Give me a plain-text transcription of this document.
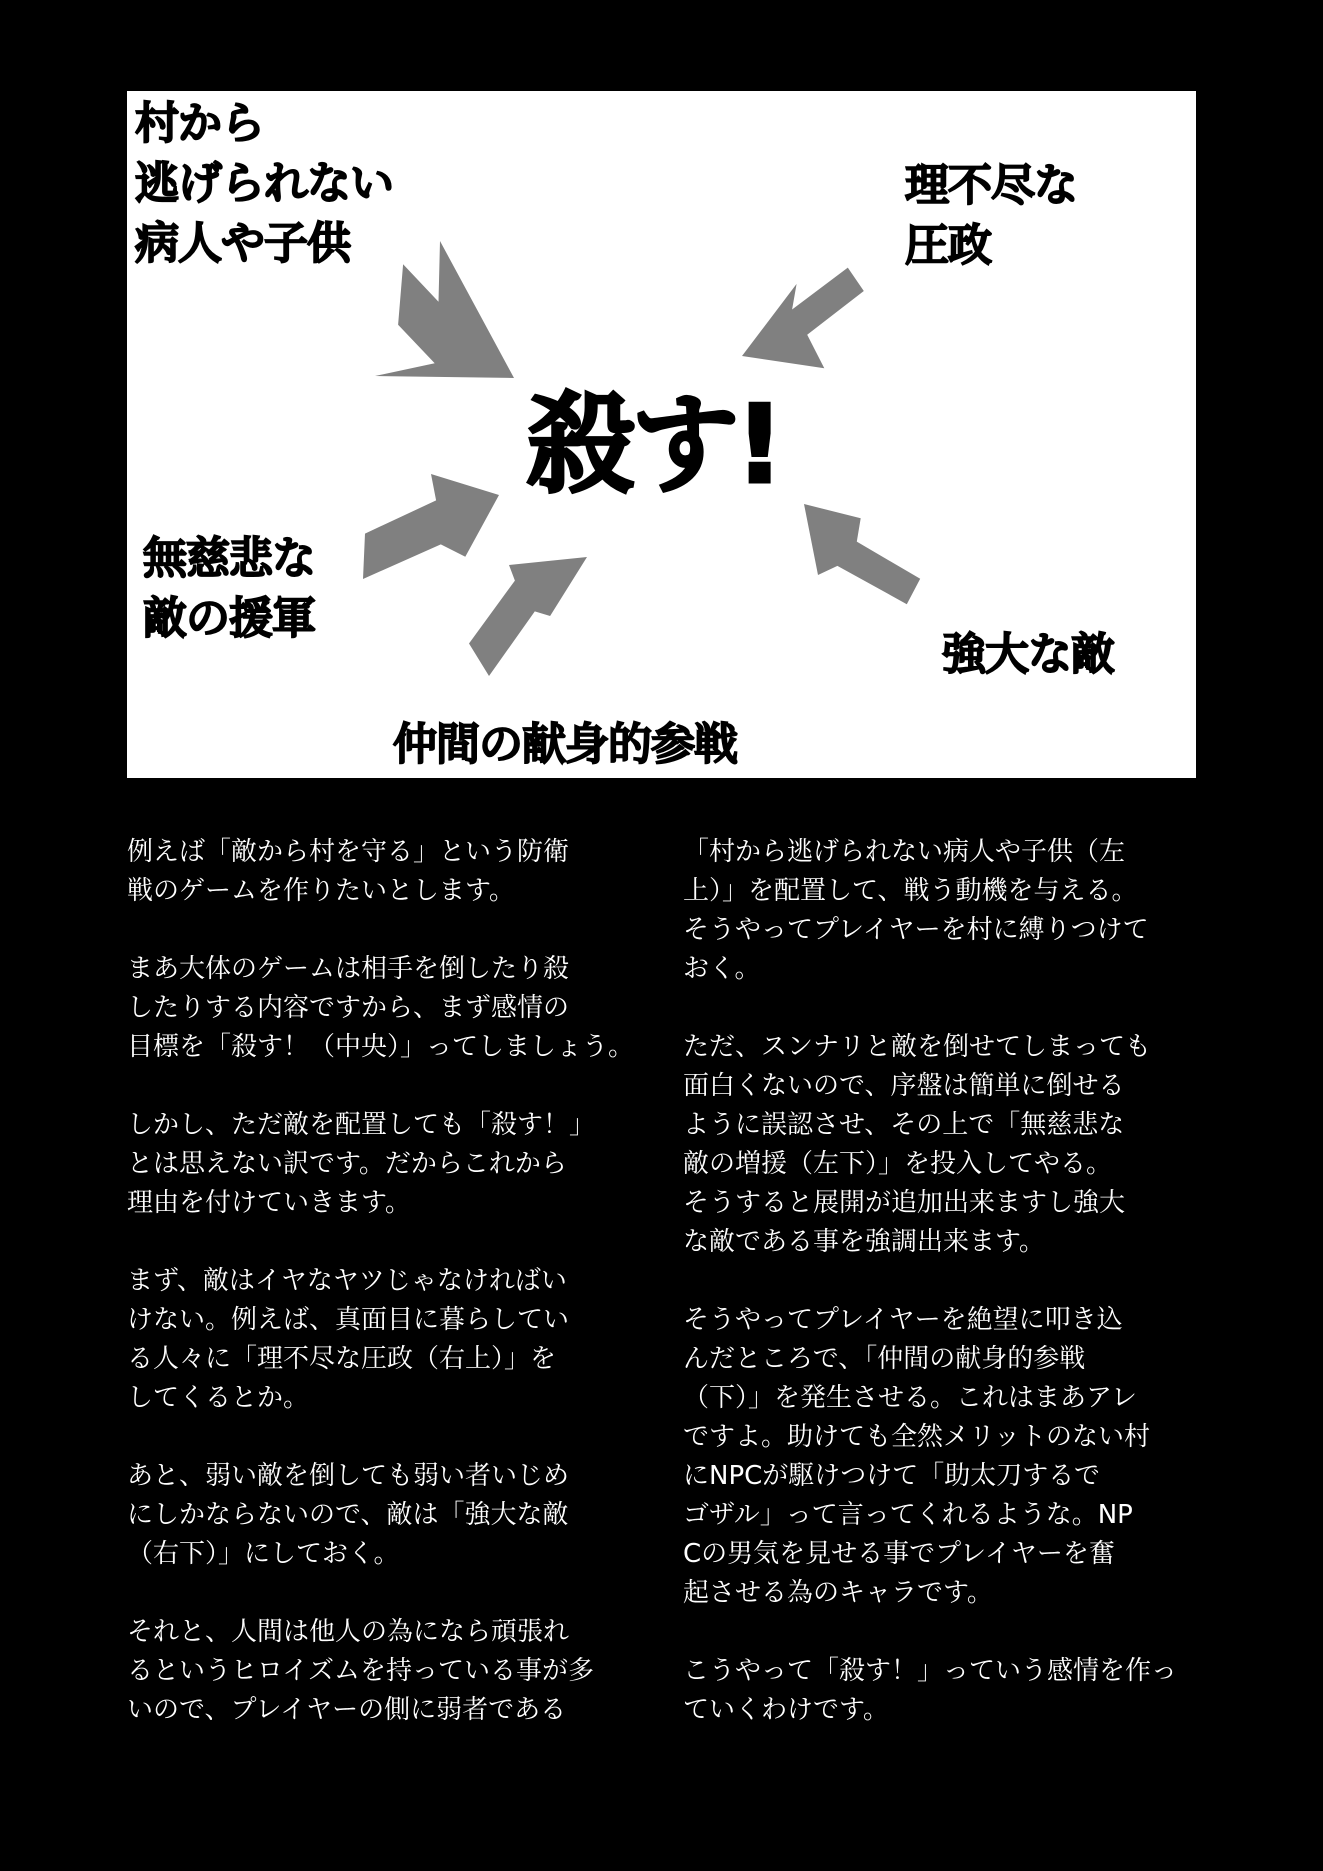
村から
逃げられない
病人や子供
理不尽な
圧政
無慈悲な
敵の援軍
強大な敵
仲間の献身的参戦
殺す!

例えば「敵から村を守る」という防衛
戦のゲームを作りたいとします。

まあ大体のゲームは相手を倒したり殺
したりする内容ですから、まず感情の
目標を「殺す！（中央）」ってしましょう。

しかし、ただ敵を配置しても「殺す！」
とは思えない訳です。だからこれから
理由を付けていきます。

まず、敵はイヤなヤツじゃなければい
けない。例えば、真面目に暮らしてい
る人々に「理不尽な圧政（右上）」を
してくるとか。

あと、弱い敵を倒しても弱い者いじめ
にしかならないので、敵は「強大な敵
（右下）」にしておく。

それと、人間は他人の為になら頑張れ
るというヒロイズムを持っている事が多
いので、プレイヤーの側に弱者である

「村から逃げられない病人や子供（左
上）」を配置して、戦う動機を与える。
そうやってプレイヤーを村に縛りつけて
おく。

ただ、スンナリと敵を倒せてしまっても
面白くないので、序盤は簡単に倒せる
ように誤認させ、その上で「無慈悲な
敵の増援（左下）」を投入してやる。
そうすると展開が追加出来ますし強大
な敵である事を強調出来ます。

そうやってプレイヤーを絶望に叩き込
んだところで、「仲間の献身的参戦
（下）」を発生させる。これはまあアレ
ですよ。助けても全然メリットのない村
にNPCが駆けつけて「助太刀するで
ゴザル」って言ってくれるような。NP
Cの男気を見せる事でプレイヤーを奮
起させる為のキャラです。

こうやって「殺す！」っていう感情を作っ
ていくわけです。
